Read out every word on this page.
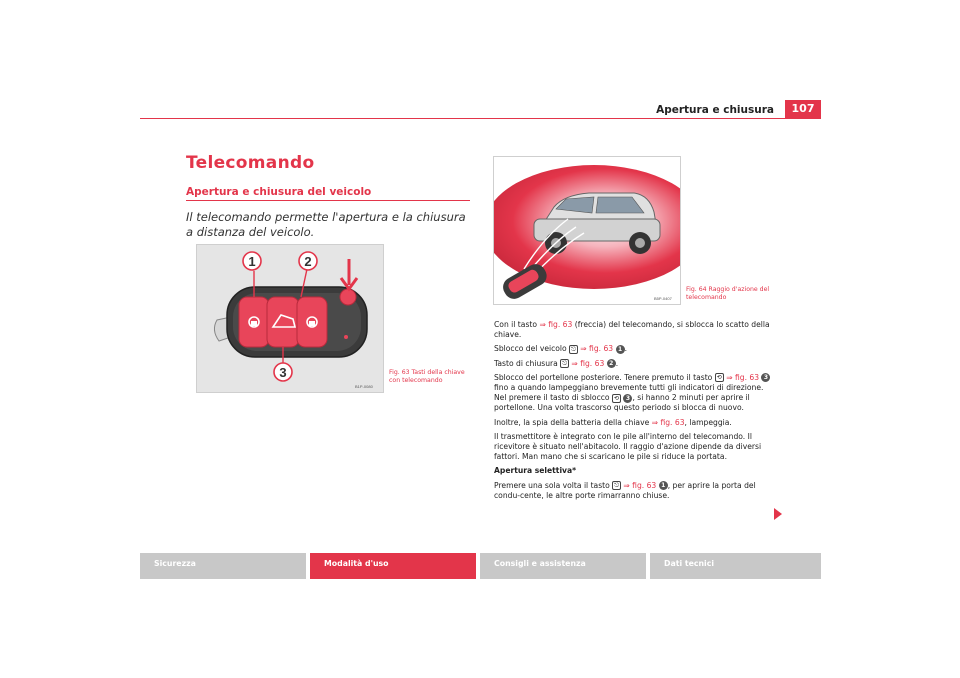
Apertura e chiusura	107
Telecomando
Apertura e chiusura del veicolo
Il telecomando permette l'apertura e la chiusura a distanza del veicolo.
1	2
3
B1P-0080
Fig. 63 Tasti della chiave con telecomando
B5P-0407
Fig. 64 Raggio d'azione del telecomando

Con il tasto ⇒ fig. 63 (freccia) del telecomando, si sblocca lo scatto della chiave.

Sblocco del veicolo ⎋ ⇒ fig. 63 1 .

Tasto di chiusura ⎋ ⇒ fig. 63 2 .

Sblocco del portellone posteriore. Tenere premuto il tasto ⟲ ⇒ fig. 63 3 fino a quando lampeggiano brevemente tutti gli indicatori di direzione. Nel premere il tasto di sblocco ⟲ 3 , si hanno 2 minuti per aprire il portellone. Una volta trascorso questo periodo si blocca di nuovo.

Inoltre, la spia della batteria della chiave ⇒ fig. 63, lampeggia.

Il trasmettitore è integrato con le pile all'interno del telecomando. Il ricevitore è situato nell'abitacolo. Il raggio d'azione dipende da diversi fattori. Man mano che si scaricano le pile si riduce la portata.

Apertura selettiva*

Premere una sola volta il tasto ⎋ ⇒ fig. 63 1 , per aprire la porta del condu-cente, le altre porte rimarranno chiuse.

Sicurezza	Modalità d'uso	Consigli e assistenza	Dati tecnici
